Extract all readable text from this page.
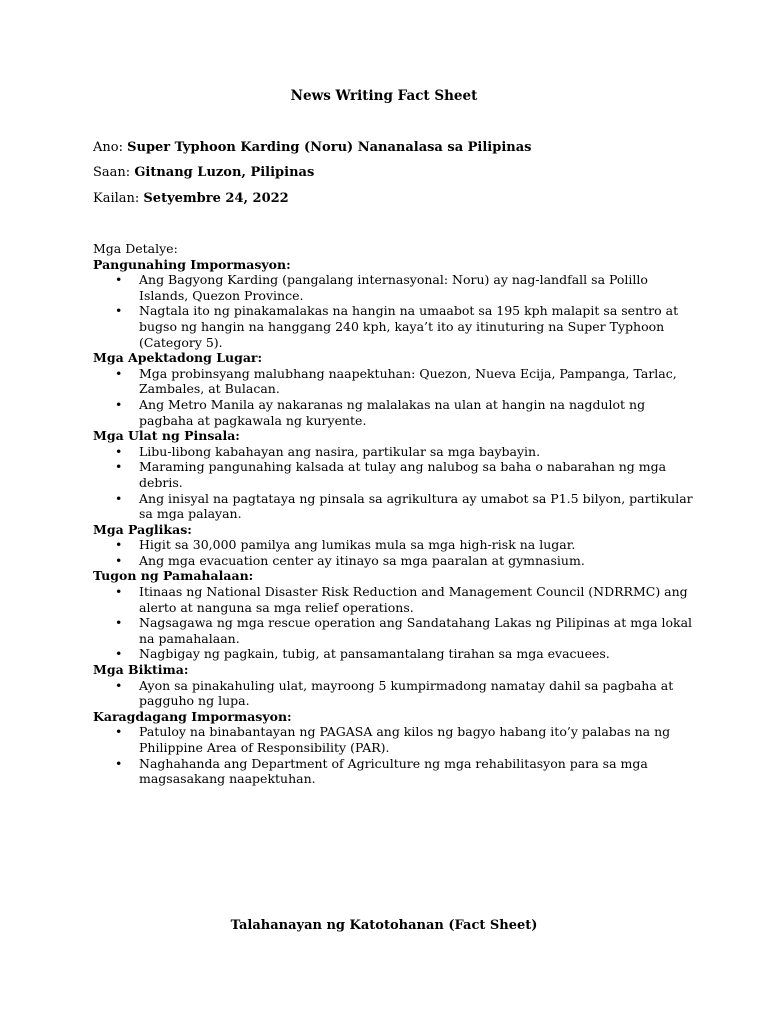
News Writing Fact Sheet
Ano: Super Typhoon Karding (Noru) Nananalasa sa Pilipinas
Saan: Gitnang Luzon, Pilipinas
Kailan: Setyembre 24, 2022
Mga Detalye:
Pangunahing Impormasyon:
• Ang Bagyong Karding (pangalang internasyonal: Noru) ay nag-landfall sa Polillo Islands, Quezon Province.
• Nagtala ito ng pinakamalakas na hangin na umaabot sa 195 kph malapit sa sentro at bugso ng hangin na hanggang 240 kph, kaya’t ito ay itinuturing na Super Typhoon (Category 5).
Mga Apektadong Lugar:
• Mga probinsyang malubhang naapektuhan: Quezon, Nueva Ecija, Pampanga, Tarlac, Zambales, at Bulacan.
• Ang Metro Manila ay nakaranas ng malalakas na ulan at hangin na nagdulot ng pagbaha at pagkawala ng kuryente.
Mga Ulat ng Pinsala:
• Libu-libong kabahayan ang nasira, partikular sa mga baybayin.
• Maraming pangunahing kalsada at tulay ang nalubog sa baha o nabarahan ng mga debris.
• Ang inisyal na pagtataya ng pinsala sa agrikultura ay umabot sa P1.5 bilyon, partikular sa mga palayan.
Mga Paglikas:
• Higit sa 30,000 pamilya ang lumikas mula sa mga high-risk na lugar.
• Ang mga evacuation center ay itinayo sa mga paaralan at gymnasium.
Tugon ng Pamahalaan:
• Itinaas ng National Disaster Risk Reduction and Management Council (NDRRMC) ang alerto at nanguna sa mga relief operations.
• Nagsagawa ng mga rescue operation ang Sandatahang Lakas ng Pilipinas at mga lokal na pamahalaan.
• Nagbigay ng pagkain, tubig, at pansamantalang tirahan sa mga evacuees.
Mga Biktima:
• Ayon sa pinakahuling ulat, mayroong 5 kumpirmadong namatay dahil sa pagbaha at pagguho ng lupa.
Karagdagang Impormasyon:
• Patuloy na binabantayan ng PAGASA ang kilos ng bagyo habang ito’y palabas na ng Philippine Area of Responsibility (PAR).
• Naghahanda ang Department of Agriculture ng mga rehabilitasyon para sa mga magsasakang naapektuhan.
Talahanayan ng Katotohanan (Fact Sheet)
